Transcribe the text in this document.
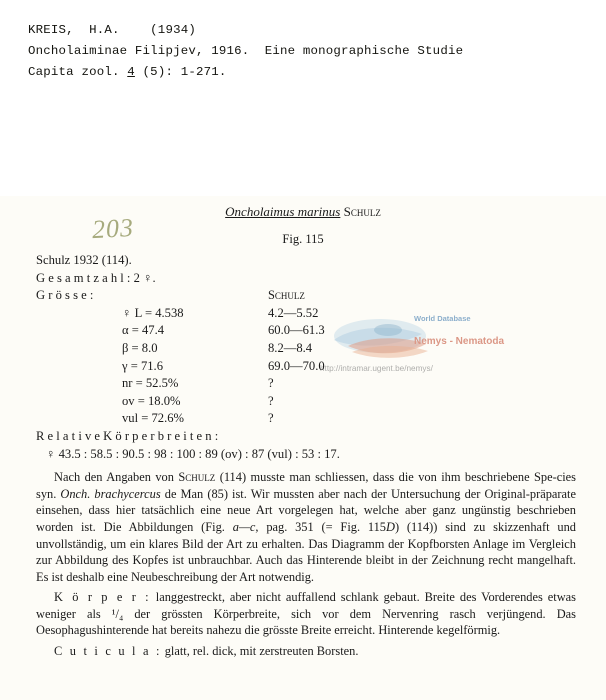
KREIS,  H.A.    (1934)
Oncholaiminae Filipjev, 1916.  Eine monographische Studie
Capita zool. 4 (5): 1-271.
Oncholaimus marinus Schulz
Fig. 115
203
World Database
Nemys - Nematoda
http://intramar.ugent.be/nemys/
Schulz 1932 (114).
G e s a m t z a h l : 2 ♀.
G r ö s s e :	Schulz
♀ L = 4.538	4.2—5.52
α = 47.4	60.0—61.3
β = 8.0	8.2—8.4
γ = 71.6	69.0—70.0
nr = 52.5%	?
ov = 18.0%	?
vul = 72.6%	?
R e l a t i v e K ö r p e r b r e i t e n :
♀ 43.5 : 58.5 : 90.5 : 98 : 100 : 89 (ov) : 87 (vul) : 53 : 17.

Nach den Angaben von Schulz (114) musste man schliessen, dass die von ihm beschriebene Spe-cies syn. Onch. brachycercus de Man (85) ist. Wir mussten aber nach der Untersuchung der Original-präparate einsehen, dass hier tatsächlich eine neue Art vorgelegen hat, welche aber ganz ungünstig beschrieben worden ist. Die Abbildungen (Fig. a—c, pag. 351 (= Fig. 115D) (114)) sind zu skizzenhaft und unvollständig, um ein klares Bild der Art zu erhalten. Das Diagramm der Kopfborsten Anlage im Vergleich zur Abbildung des Kopfes ist unbrauchbar. Auch das Hinterende bleibt in der Zeichnung recht mangelhaft. Es ist deshalb eine Neubeschreibung der Art notwendig.

K ö r p e r : langgestreckt, aber nicht auffallend schlank gebaut. Breite des Vorderendes etwas weniger als ¹/₄ der grössten Körperbreite, sich vor dem Nervenring rasch verjüngend. Das Oesophagushinterende hat bereits nahezu die grösste Breite erreicht. Hinterende kegelförmig.

C u t i c u l a : glatt, rel. dick, mit zerstreuten Borsten.
